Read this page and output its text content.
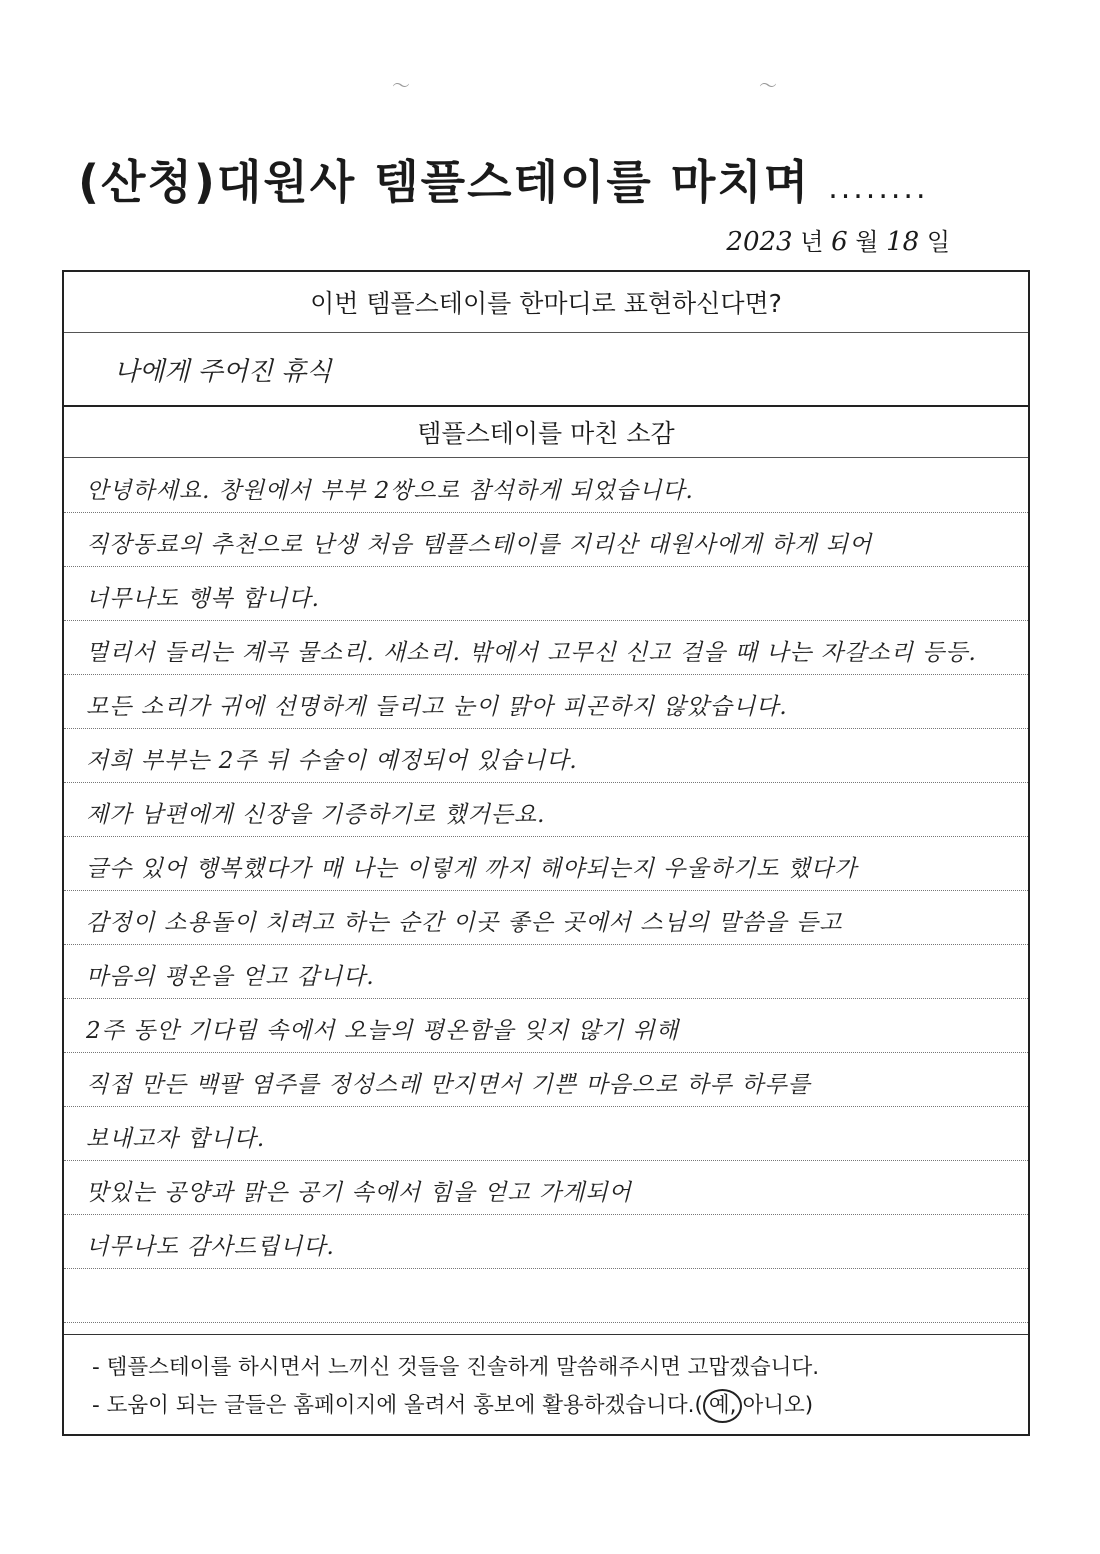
〜	〜
(산청)대원사 템플스테이를 마치며 ........
2023 년 6 월 18 일
이번 템플스테이를 한마디로 표현하신다면?
나에게 주어진 휴식
템플스테이를 마친 소감
안녕하세요. 창원에서 부부 2쌍으로 참석하게 되었습니다.
직장동료의 추천으로 난생 처음 템플스테이를 지리산 대원사에게 하게 되어
너무나도 행복 합니다.
멀리서 들리는 계곡 물소리. 새소리. 밖에서 고무신 신고 걸을 때 나는 자갈소리 등등.
모든 소리가 귀에 선명하게 들리고 눈이 맑아 피곤하지 않았습니다.
저희 부부는 2주 뒤 수술이 예정되어 있습니다.
제가 남편에게 신장을 기증하기로 했거든요.
글수 있어 행복했다가 매 나는 이렇게 까지 해야되는지 우울하기도 했다가
감정이 소용돌이 치려고 하는 순간 이곳 좋은 곳에서 스님의 말씀을 듣고
마음의 평온을 얻고 갑니다.
2주 동안 기다림 속에서 오늘의 평온함을 잊지 않기 위해
직접 만든 백팔 염주를 정성스레 만지면서 기쁜 마음으로 하루 하루를
보내고자 합니다.
맛있는 공양과 맑은 공기 속에서 힘을 얻고 가게되어
너무나도 감사드립니다.
- 템플스테이를 하시면서 느끼신 것들을 진솔하게 말씀해주시면 고맙겠습니다.
- 도움이 되는 글들은 홈페이지에 올려서 홍보에 활용하겠습니다.( 예, 아니오)
